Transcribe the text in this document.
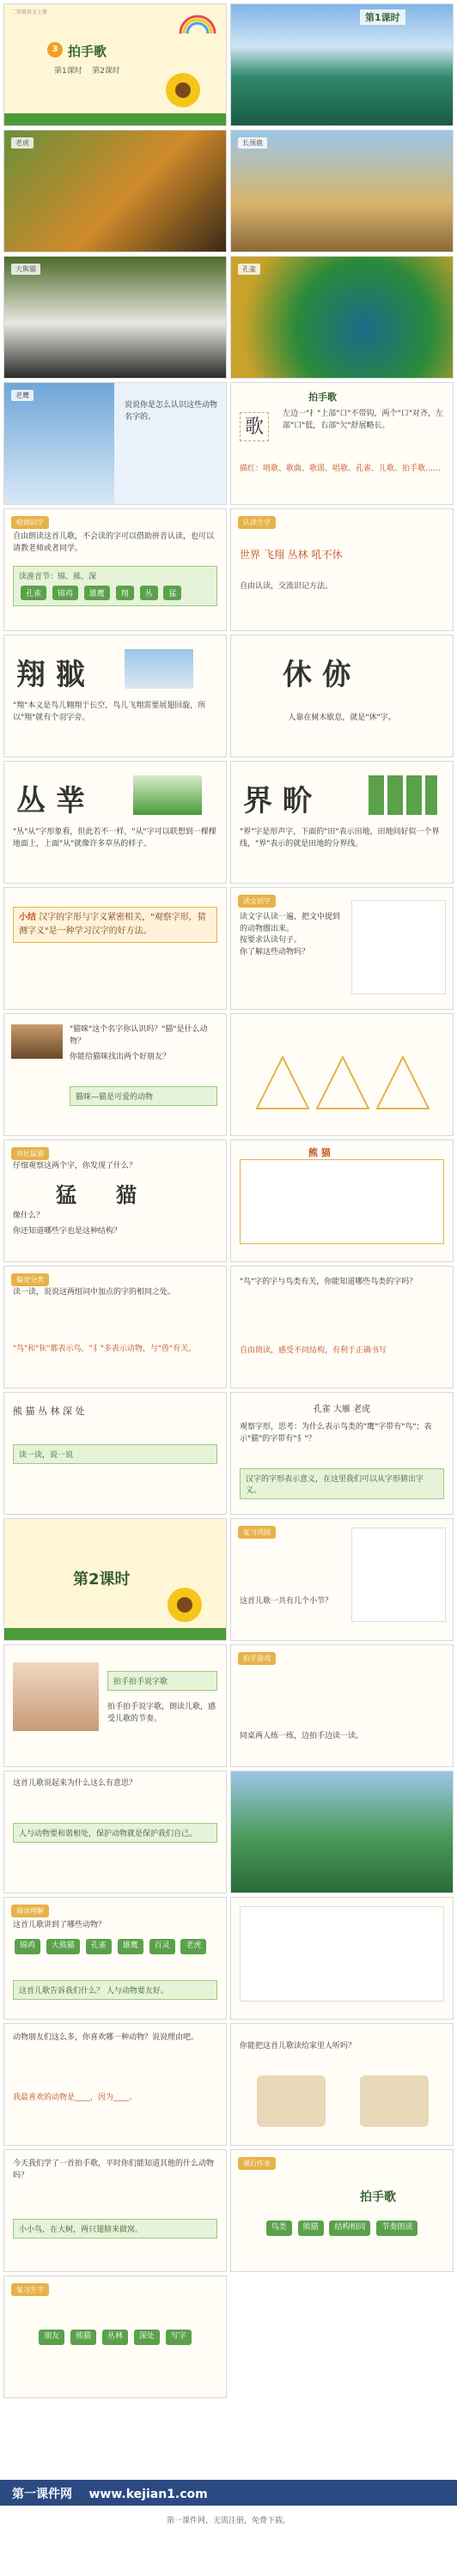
二年级语文上册
3 拍手歌
第1课时 第2课时
第1课时
老虎	长颈鹿
大熊猫	孔雀
老鹰
说说你是怎么认识这些动物名字的。
拍手歌
歌
左边一"扌"上部"口"不带钩，两个"口"对齐，左部"口"低，右部"欠"舒展略长。
描红：哨歌、歌曲、歌谣、唱歌、孔雀、儿歌、拍手歌……
检测识字
自由朗读这首儿歌，不会读的字可以借助拼音认读，也可以请教老师或者同学。
读准音节：锦、熊、深
孔雀 锦鸡 雄鹰 翔 丛 猛
认读生字
世界 飞翔 丛林 吼不休
自由认读，交流识记方法。
翔 䎀
"翔"本义是鸟儿翱翔于长空，鸟儿飞翔需要展翅回旋，所以"翔"就有个羽字旁。
休 㑊
人靠在树木歇息，就是"休"字。
丛 丵
"丛"从"字形象看，但此若不一样，"从"字可以联想到一棵棵地面上，上面"从"就像许多草丛的样子。
界 畍
"界"字是形声字，下面的"田"表示田地，田地间好似一个界线，"界"表示的就是田地的分界线。
小结 汉字的字形与字义紧密相关，"观察字形，猜测字义"是一种学习汉字的好方法。
读文识字
读文字认读一遍，把文中提到的动物圈出来。
按要求认读句子。
你了解这些动物吗？
"猫咪"这个名字你认识吗？"猫"是什么动物？
你能给猫咪找出两个好朋友？
猫咪—猫是可爱的动物
对比猛猫
仔细观察这两个字，你发现了什么？
猛 猫
像什么？
你还知道哪些字也是这种结构？
熊 猫
偏旁分类
读一读，说说这两组词中加点的字的相同之处。
"鸟"和"隹"都表示鸟，"犭"多表示动物，与"兽"有关。
"鸟"字的字与鸟类有关，你能知道哪些鸟类的字吗？
自由朗读，感受不同结构，有利于正确书写
熊 猫 丛 林 深 处
读一读，说一说
孔雀 大雁 老虎
观察字形，思考：为什么表示鸟类的"鹰"字带有"鸟"；表示"猫"的字带有"犭"？
汉字的字形表示意义，在这里我们可以从字形猜出字义。
第2课时
复习巩固
这首儿歌一共有几个小节？
拍手拍手说字歌
拍手拍手说字歌，朗读儿歌，感受儿歌的节奏。
拍手游戏
同桌两人练一练，边拍手边读一读。
这首儿歌说起来为什么这么有意思？
人与动物要和谐相处，保护动物就是保护我们自己。
阅读理解
这首儿歌讲到了哪些动物？
锦鸡 大熊猫 孔雀 雄鹰 百灵 老虎
这首儿歌告诉我们什么？ 人与动物要友好。
动物朋友们这么多，你喜欢哪一种动物？说说理由吧。
我最喜欢的动物是____，因为____。
你能把这首儿歌读给家里人听吗？
今天我们学了一首拍手歌，平时你们能知道其他的什么动物吗？
小小鸟，在大树，两只翅膀来做窝。
课后作业
鸟类 熊猫 结构相同 节奏朗读
拍手歌
复习生字
朋友 熊猫 丛林 深处 写字
第一课件网 www.kejian1.com
第一课件网，无需注册，免费下载。
